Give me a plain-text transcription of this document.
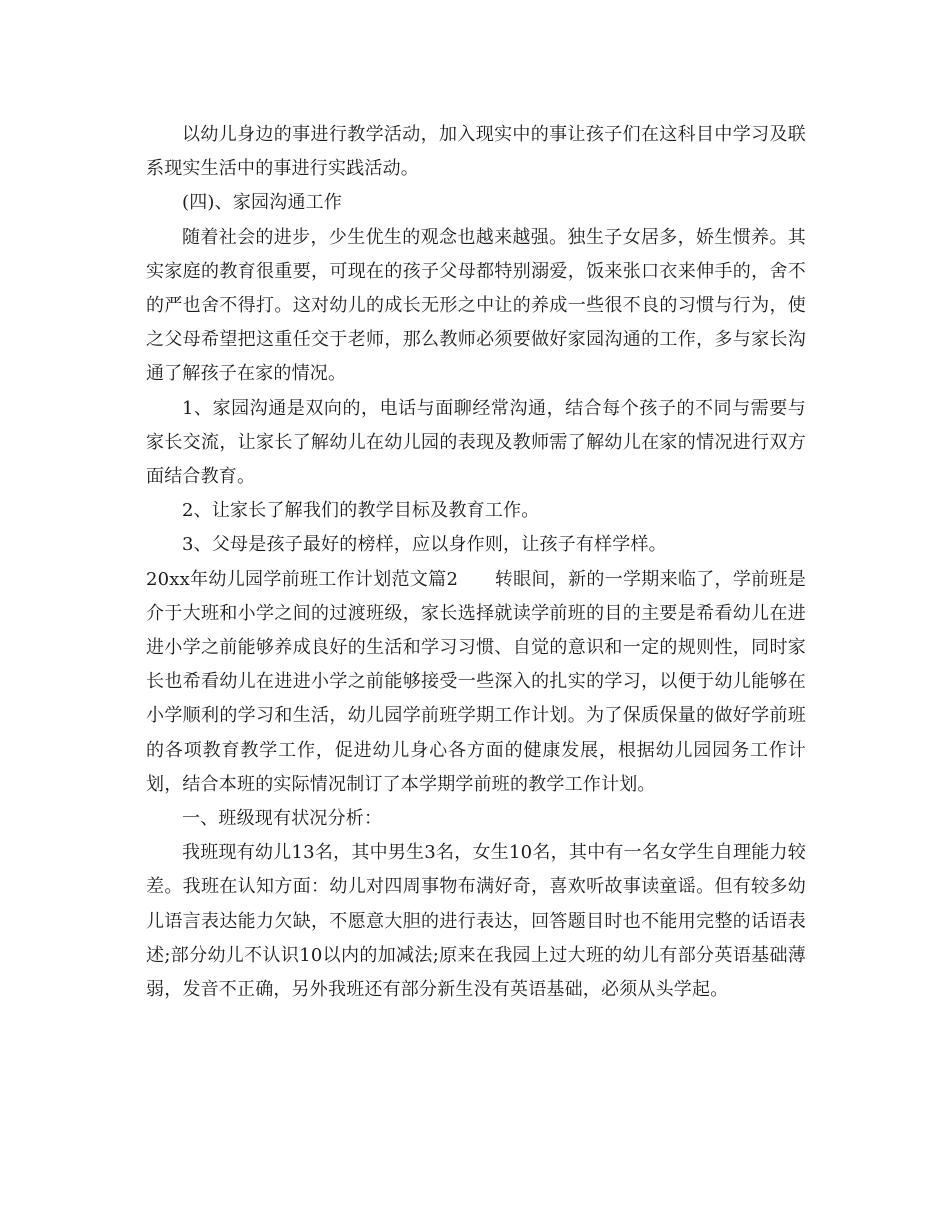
以幼儿身边的事进行教学活动，加入现实中的事让孩子们在这科目中学习及联系现实生活中的事进行实践活动。

(四)、家园沟通工作

随着社会的进步，少生优生的观念也越来越强。独生子女居多，娇生惯养。其实家庭的教育很重要，可现在的孩子父母都特别溺爱，饭来张口衣来伸手的，舍不的严也舍不得打。这对幼儿的成长无形之中让的养成一些很不良的习惯与行为，使之父母希望把这重任交于老师，那么教师必须要做好家园沟通的工作，多与家长沟通了解孩子在家的情况。

1、家园沟通是双向的，电话与面聊经常沟通，结合每个孩子的不同与需要与家长交流，让家长了解幼儿在幼儿园的表现及教师需了解幼儿在家的情况进行双方面结合教育。

2、让家长了解我们的教学目标及教育工作。

3、父母是孩子最好的榜样，应以身作则，让孩子有样学样。

20xx年幼儿园学前班工作计划范文篇2　　转眼间，新的一学期来临了，学前班是介于大班和小学之间的过渡班级，家长选择就读学前班的目的主要是希看幼儿在进进小学之前能够养成良好的生活和学习习惯、自觉的意识和一定的规则性，同时家长也希看幼儿在进进小学之前能够接受一些深入的扎实的学习，以便于幼儿能够在小学顺利的学习和生活，幼儿园学前班学期工作计划。为了保质保量的做好学前班的各项教育教学工作，促进幼儿身心各方面的健康发展，根据幼儿园园务工作计划，结合本班的实际情况制订了本学期学前班的教学工作计划。

一、班级现有状况分析：

我班现有幼儿13名，其中男生3名，女生10名，其中有一名女学生自理能力较差。我班在认知方面：幼儿对四周事物布满好奇，喜欢听故事读童谣。但有较多幼儿语言表达能力欠缺，不愿意大胆的进行表达，回答题目时也不能用完整的话语表述;部分幼儿不认识10以内的加减法;原来在我园上过大班的幼儿有部分英语基础薄弱，发音不正确，另外我班还有部分新生没有英语基础，必须从头学起。
